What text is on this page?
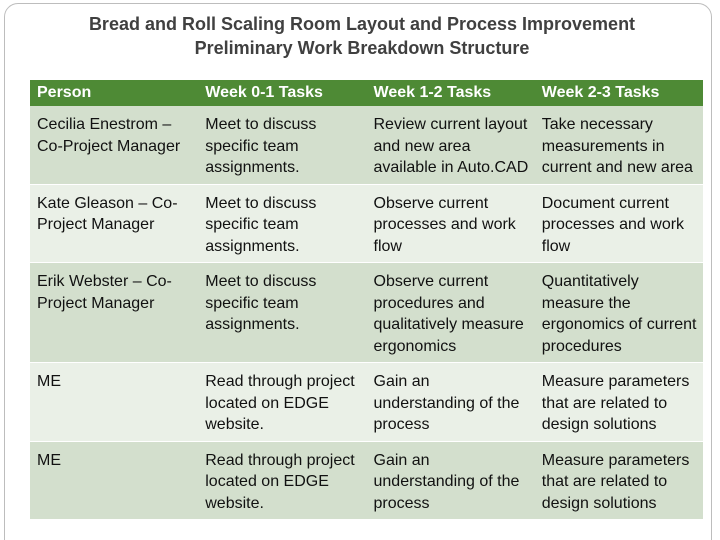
Bread and Roll Scaling Room Layout and Process Improvement
Preliminary Work Breakdown Structure
Person	Week 0-1 Tasks	Week 1-2 Tasks	Week 2-3 Tasks
Cecilia Enestrom – Co-Project Manager	Meet to discuss specific team assignments.	Review current layout and new area available in Auto.CAD	Take necessary measurements in current and new area
Kate Gleason – Co-Project Manager	Meet to discuss specific team assignments.	Observe current processes and work flow	Document current processes and work flow
Erik Webster – Co-Project Manager	Meet to discuss specific team assignments.	Observe current procedures and qualitatively measure ergonomics	Quantitatively measure the ergonomics of current procedures
ME	Read through project located on EDGE website.	Gain an understanding of the process	Measure parameters that are related to design solutions
ME	Read through project located on EDGE website.	Gain an understanding of the process	Measure parameters that are related to design solutions
